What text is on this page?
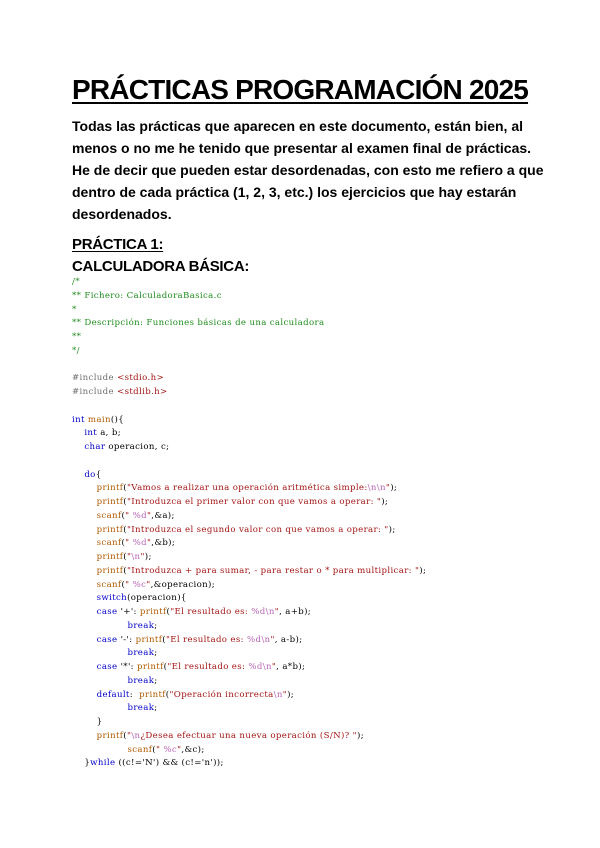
PRÁCTICAS PROGRAMACIÓN 2025
Todas las prácticas que aparecen en este documento, están bien, al
menos o no me he tenido que presentar al examen final de prácticas.
He de decir que pueden estar desordenadas, con esto me refiero a que
dentro de cada práctica (1, 2, 3, etc.) los ejercicios que hay estarán
desordenados.
PRÁCTICA 1:
CALCULADORA BÁSICA:
/*
** Fichero: CalculadoraBasica.c
*
** Descripción: Funciones básicas de una calculadora
**
*/
#include <stdio.h>
#include <stdlib.h>
int main(){
int a, b;
char operacion, c;
do{
printf("Vamos a realizar una operación aritmética simple:\n\n");
printf("Introduzca el primer valor con que vamos a operar: ");
scanf(" %d",&a);
printf("Introduzca el segundo valor con que vamos a operar: ");
scanf(" %d",&b);
printf("\n");
printf("Introduzca + para sumar, - para restar o * para multiplicar: ");
scanf(" %c",&operacion);
switch(operacion){
case '+': printf("El resultado es: %d\n", a+b);
break;
case '-': printf("El resultado es: %d\n", a-b);
break;
case '*': printf("El resultado es: %d\n", a*b);
break;
default:  printf("Operación incorrecta\n");
break;
}
printf("\n¿Desea efectuar una nueva operación (S/N)? ");
scanf(" %c",&c);
}while ((c!='N') && (c!='n'));
